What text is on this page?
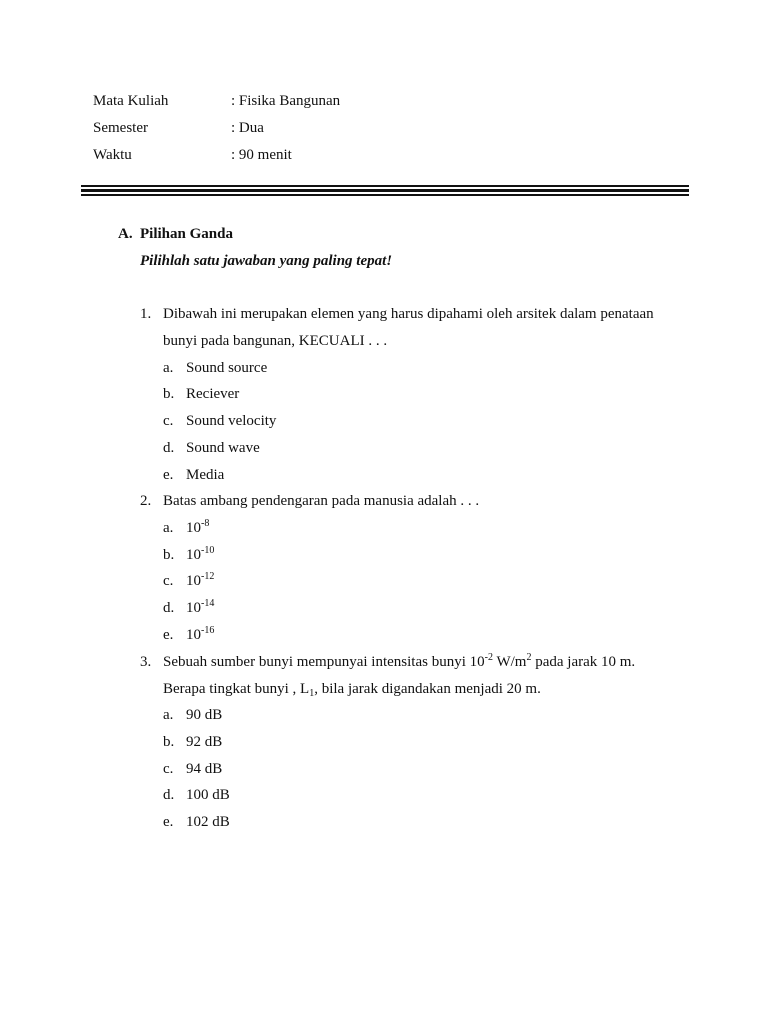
Mata Kuliah	: Fisika Bangunan
Semester	: Dua
Waktu	: 90 menit
A. Pilihan Ganda
Pilihlah satu jawaban yang paling tepat!
1. Dibawah ini merupakan elemen yang harus dipahami oleh arsitek dalam penataan
bunyi pada bangunan, KECUALI . . .
a. Sound source
b. Reciever
c. Sound velocity
d. Sound wave
e. Media
2. Batas ambang pendengaran pada manusia adalah . . .
a. $10^{-8}$
b. $10^{-10}$
c. $10^{-12}$
d. $10^{-14}$
e. $10^{-16}$
3. Sebuah sumber bunyi mempunyai intensitas bunyi $10^{-2}$ $W/m^2$ pada jarak 10 m.
Berapa tingkat bunyi , $L_1$, bila jarak digandakan menjadi 20 m.
a. 90 dB
b. 92 dB
c. 94 dB
d. 100 dB
e. 102 dB
